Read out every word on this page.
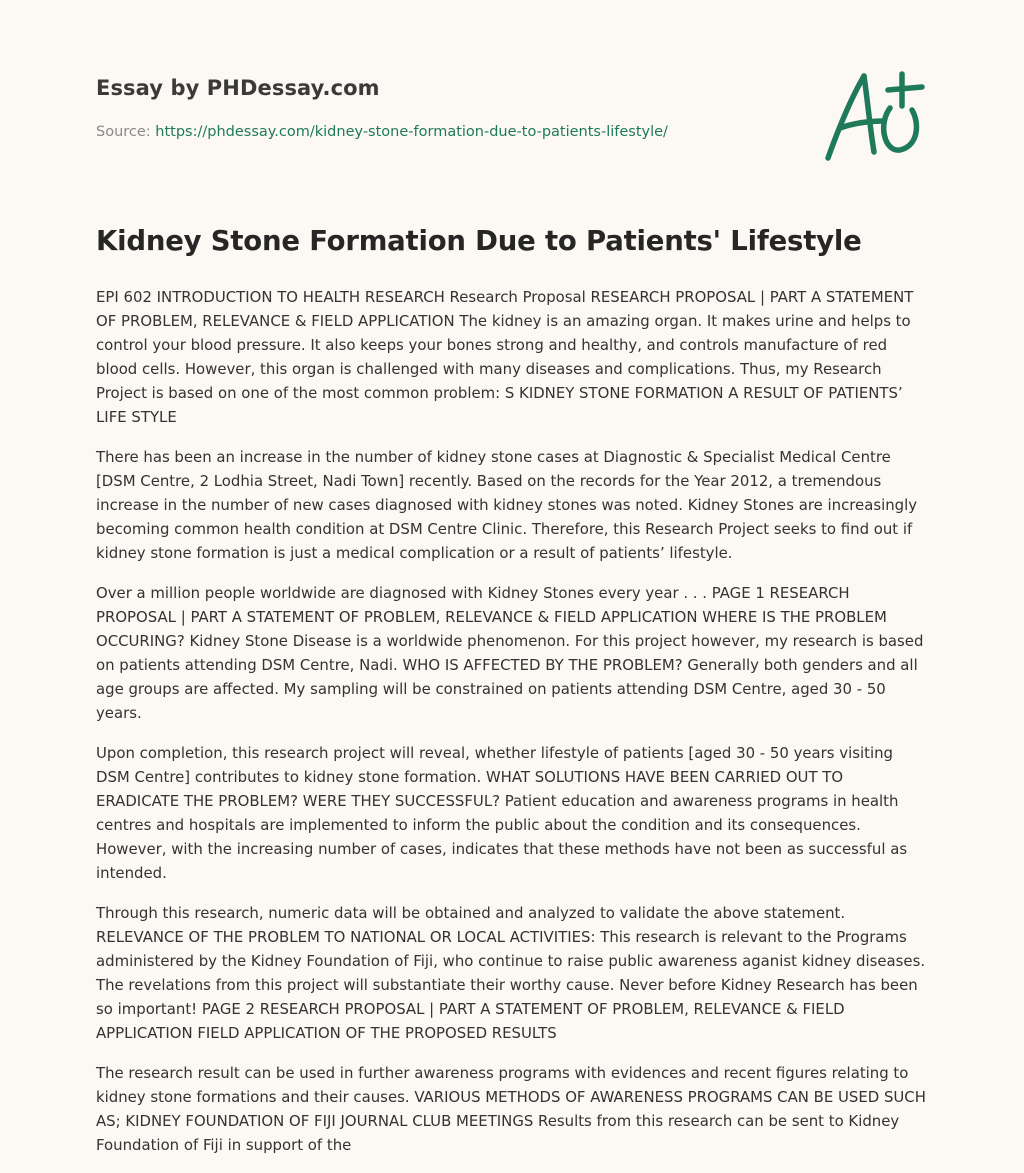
Essay by PHDessay.com
Source: https://phdessay.com/kidney-stone-formation-due-to-patients-lifestyle/
Kidney Stone Formation Due to Patients' Lifestyle

EPI 602 INTRODUCTION TO HEALTH RESEARCH Research Proposal RESEARCH PROPOSAL | PART A STATEMENT OF PROBLEM, RELEVANCE & FIELD APPLICATION The kidney is an amazing organ. It makes urine and helps to control your blood pressure. It also keeps your bones strong and healthy, and controls manufacture of red blood cells. However, this organ is challenged with many diseases and complications. Thus, my Research Project is based on one of the most common problem: S KIDNEY STONE FORMATION A RESULT OF PATIENTS’ LIFE STYLE

There has been an increase in the number of kidney stone cases at Diagnostic & Specialist Medical Centre [DSM Centre, 2 Lodhia Street, Nadi Town] recently. Based on the records for the Year 2012, a tremendous increase in the number of new cases diagnosed with kidney stones was noted. Kidney Stones are increasingly becoming common health condition at DSM Centre Clinic. Therefore, this Research Project seeks to find out if kidney stone formation is just a medical complication or a result of patients’ lifestyle.

Over a million people worldwide are diagnosed with Kidney Stones every year . . . PAGE 1 RESEARCH PROPOSAL | PART A STATEMENT OF PROBLEM, RELEVANCE & FIELD APPLICATION WHERE IS THE PROBLEM OCCURING? Kidney Stone Disease is a worldwide phenomenon. For this project however, my research is based on patients attending DSM Centre, Nadi. WHO IS AFFECTED BY THE PROBLEM? Generally both genders and all age groups are affected. My sampling will be constrained on patients attending DSM Centre, aged 30 - 50 years.

Upon completion, this research project will reveal, whether lifestyle of patients [aged 30 - 50 years visiting DSM Centre] contributes to kidney stone formation. WHAT SOLUTIONS HAVE BEEN CARRIED OUT TO ERADICATE THE PROBLEM? WERE THEY SUCCESSFUL? Patient education and awareness programs in health centres and hospitals are implemented to inform the public about the condition and its consequences. However, with the increasing number of cases, indicates that these methods have not been as successful as intended.

Through this research, numeric data will be obtained and analyzed to validate the above statement. RELEVANCE OF THE PROBLEM TO NATIONAL OR LOCAL ACTIVITIES: This research is relevant to the Programs administered by the Kidney Foundation of Fiji, who continue to raise public awareness aganist kidney diseases. The revelations from this project will substantiate their worthy cause. Never before Kidney Research has been so important! PAGE 2 RESEARCH PROPOSAL | PART A STATEMENT OF PROBLEM, RELEVANCE & FIELD APPLICATION FIELD APPLICATION OF THE PROPOSED RESULTS

The research result can be used in further awareness programs with evidences and recent figures relating to kidney stone formations and their causes. VARIOUS METHODS OF AWARENESS PROGRAMS CAN BE USED SUCH AS; KIDNEY FOUNDATION OF FIJI JOURNAL CLUB MEETINGS Results from this research can be sent to Kidney Foundation of Fiji in support of the
